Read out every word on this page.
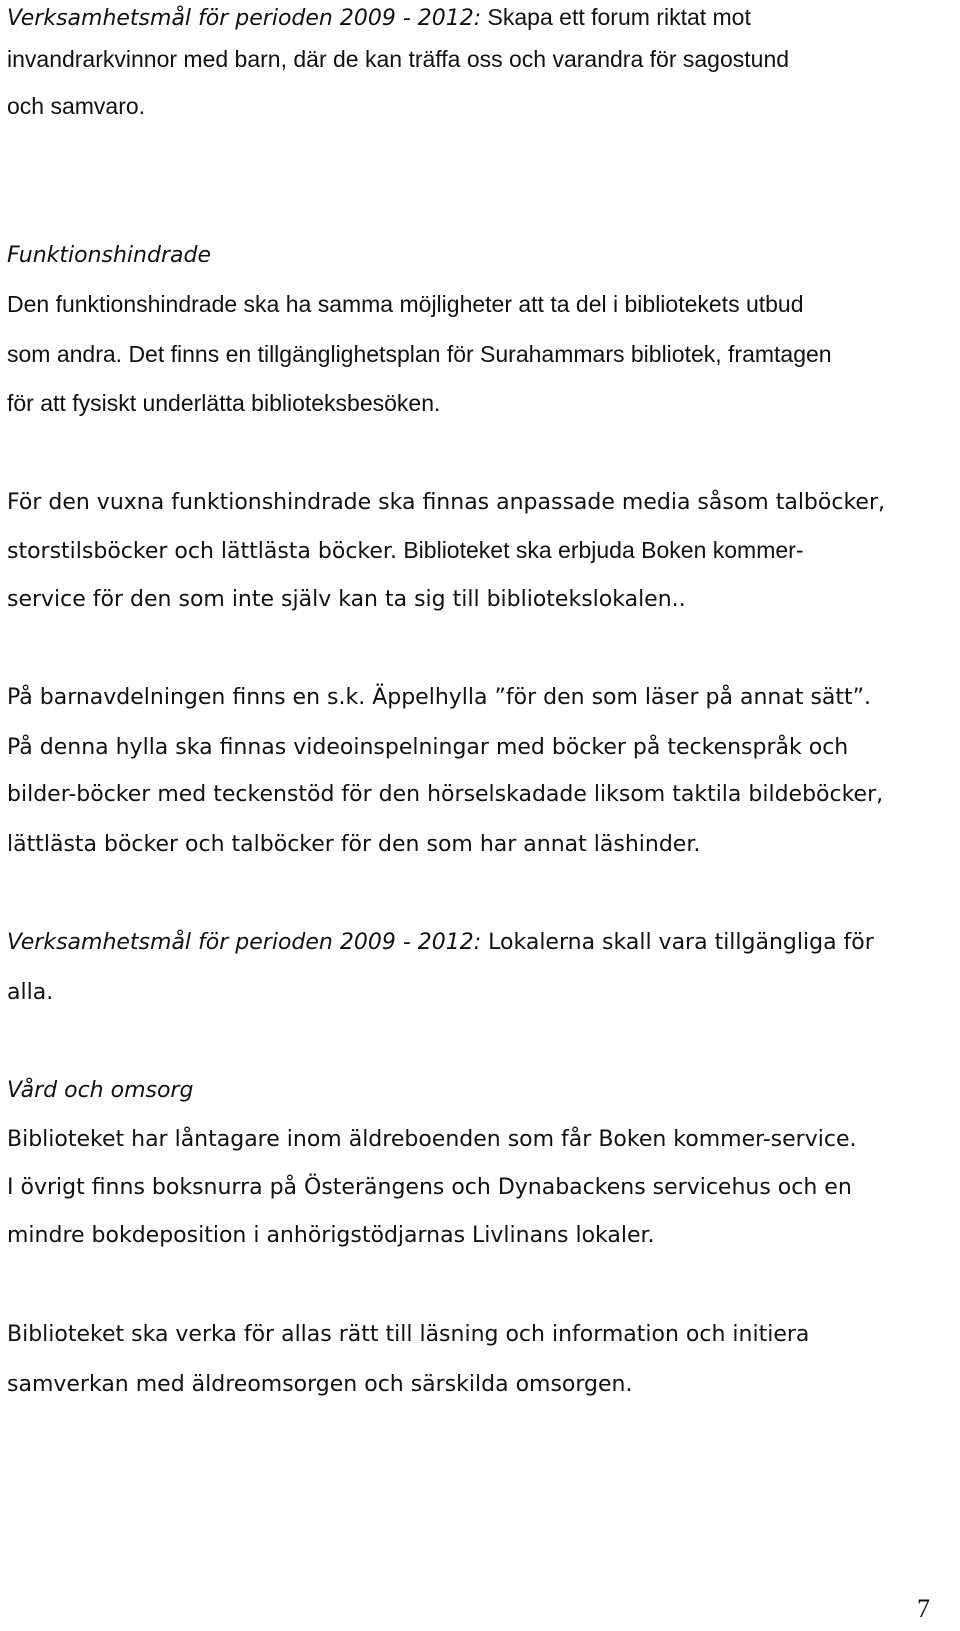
Verksamhetsmål för perioden 2009 - 2012: Skapa ett forum riktat mot
invandrarkvinnor med barn, där de kan träffa oss och varandra för sagostund
och samvaro.
Funktionshindrade
Den funktionshindrade ska ha samma möjligheter att ta del i bibliotekets utbud
som andra. Det finns en tillgänglighetsplan för Surahammars bibliotek, framtagen
för att fysiskt underlätta biblioteksbesöken.
För den vuxna funktionshindrade ska finnas anpassade media såsom talböcker,
storstilsböcker och lättlästa böcker. Biblioteket ska erbjuda Boken kommer-
service för den som inte själv kan ta sig till bibliotekslokalen..
På barnavdelningen finns en s.k. Äppelhylla ”för den som läser på annat sätt”.
På denna hylla ska finnas videoinspelningar med böcker på teckenspråk och
bilder-böcker med teckenstöd för den hörselskadade liksom taktila bildeböcker,
lättlästa böcker och talböcker för den som har annat läshinder.
Verksamhetsmål för perioden 2009 - 2012: Lokalerna skall vara tillgängliga för
alla.
Vård och omsorg
Biblioteket har låntagare inom äldreboenden som får Boken kommer-service.
I övrigt finns boksnurra på Österängens och Dynabackens servicehus och en
mindre bokdeposition i anhörigstödjarnas Livlinans lokaler.
Biblioteket ska verka för allas rätt till läsning och information och initiera
samverkan med äldreomsorgen och särskilda omsorgen.
7
